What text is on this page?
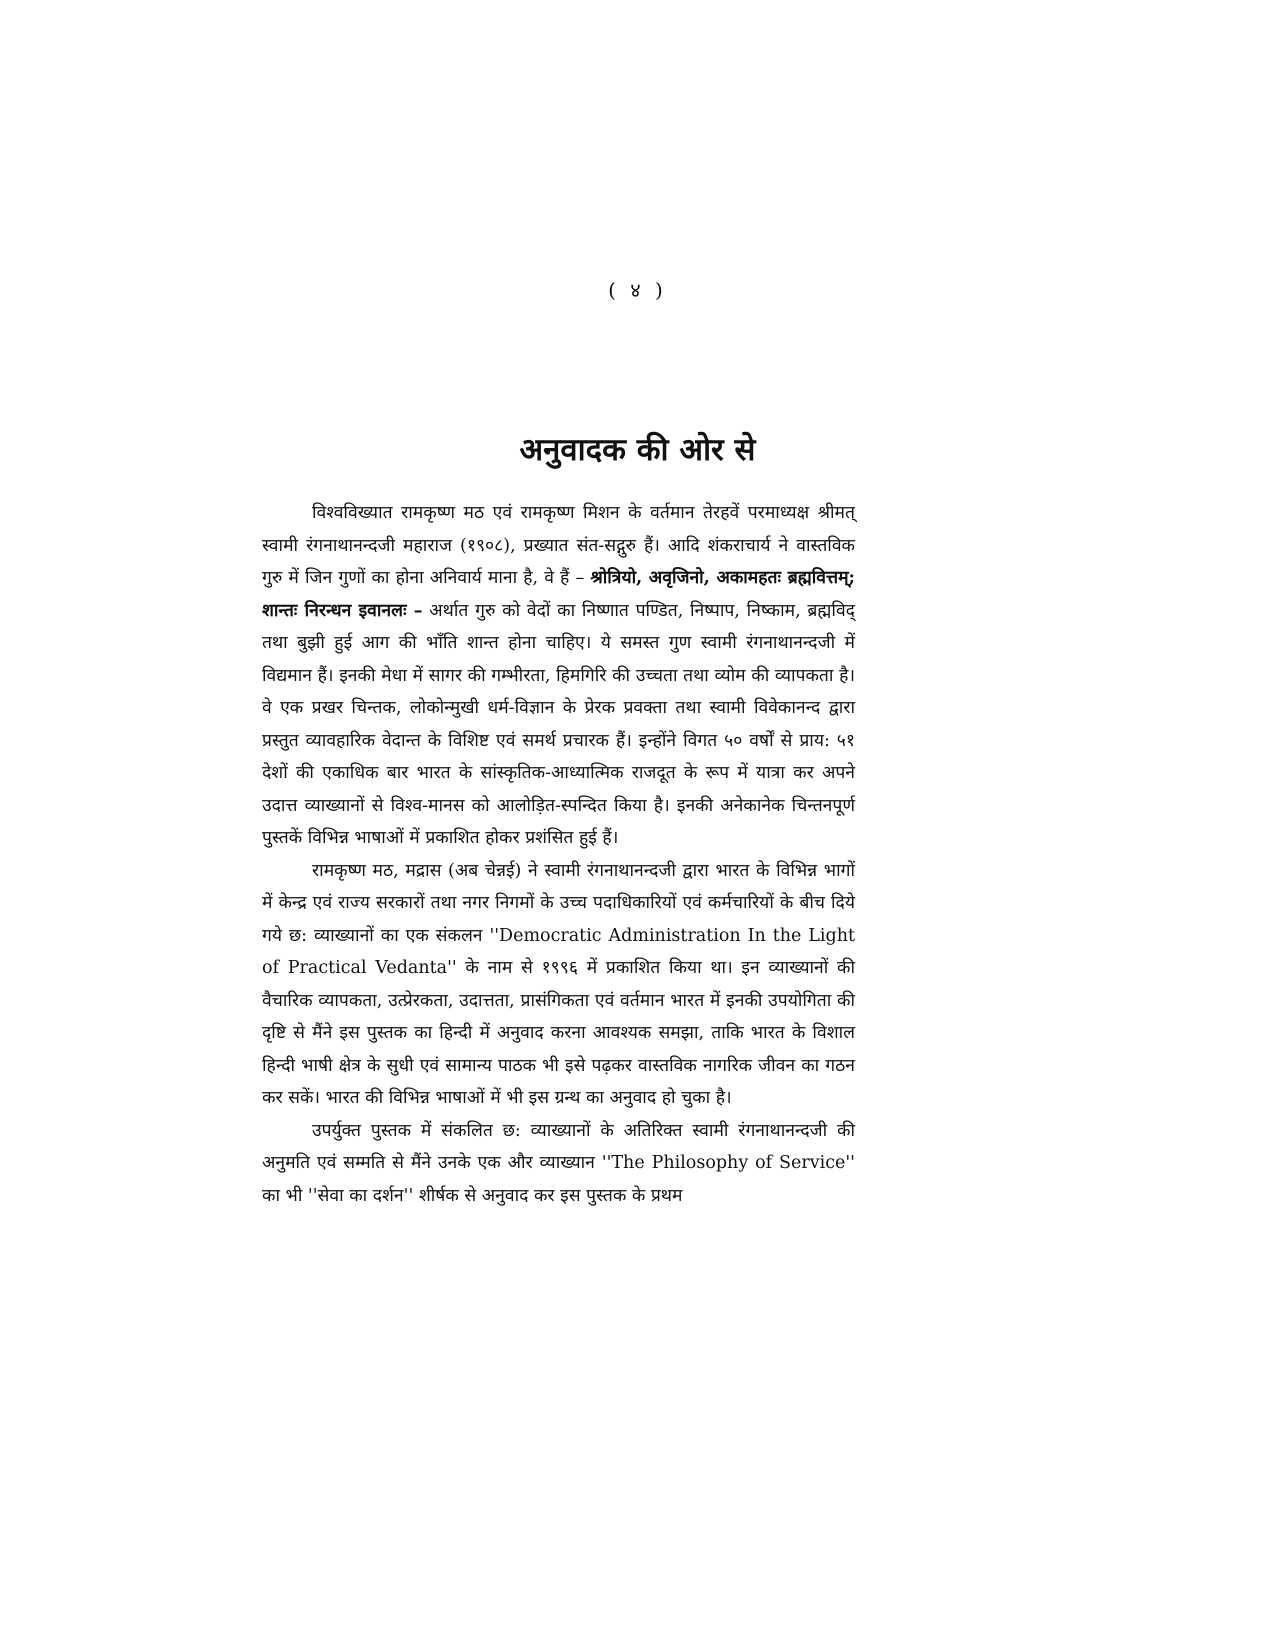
( ४ )
अनुवादक की ओर से

विश्वविख्यात रामकृष्ण मठ एवं रामकृष्ण मिशन के वर्तमान तेरहवें परमाध्यक्ष श्रीमत् स्वामी रंगनाथानन्दजी महाराज (१९०८), प्रख्यात संत-सद्गुरु हैं। आदि शंकराचार्य ने वास्तविक गुरु में जिन गुणों का होना अनिवार्य माना है, वे हैं – श्रोत्रियो, अवृजिनो, अकामहतः ब्रह्मवित्तम्; शान्तः निरन्धन इवानलः – अर्थात गुरु को वेदों का निष्णात पण्डित, निष्पाप, निष्काम, ब्रह्मविद् तथा बुझी हुई आग की भाँति शान्त होना चाहिए। ये समस्त गुण स्वामी रंगनाथानन्दजी में विद्यमान हैं। इनकी मेधा में सागर की गम्भीरता, हिमगिरि की उच्चता तथा व्योम की व्यापकता है। वे एक प्रखर चिन्तक, लोकोन्मुखी धर्म-विज्ञान के प्रेरक प्रवक्ता तथा स्वामी विवेकानन्द द्वारा प्रस्तुत व्यावहारिक वेदान्त के विशिष्ट एवं समर्थ प्रचारक हैं। इन्होंने विगत ५० वर्षों से प्राय: ५१ देशों की एकाधिक बार भारत के सांस्कृतिक-आध्यात्मिक राजदूत के रूप में यात्रा कर अपने उदात्त व्याख्यानों से विश्व-मानस को आलोड़ित-स्पन्दित किया है। इनकी अनेकानेक चिन्तनपूर्ण पुस्तकें विभिन्न भाषाओं में प्रकाशित होकर प्रशंसित हुई हैं।

रामकृष्ण मठ, मद्रास (अब चेन्नई) ने स्वामी रंगनाथानन्दजी द्वारा भारत के विभिन्न भागों में केन्द्र एवं राज्य सरकारों तथा नगर निगमों के उच्च पदाधिकारियों एवं कर्मचारियों के बीच दिये गये छ: व्याख्यानों का एक संकलन ''Democratic Administration In the Light of Practical Vedanta'' के नाम से १९९६ में प्रकाशित किया था। इन व्याख्यानों की वैचारिक व्यापकता, उत्प्रेरकता, उदात्तता, प्रासंगिकता एवं वर्तमान भारत में इनकी उपयोगिता की दृष्टि से मैंने इस पुस्तक का हिन्दी में अनुवाद करना आवश्यक समझा, ताकि भारत के विशाल हिन्दी भाषी क्षेत्र के सुधी एवं सामान्य पाठक भी इसे पढ़कर वास्तविक नागरिक जीवन का गठन कर सकें। भारत की विभिन्न भाषाओं में भी इस ग्रन्थ का अनुवाद हो चुका है।

उपर्युक्त पुस्तक में संकलित छ: व्याख्यानों के अतिरिक्त स्वामी रंगनाथानन्दजी की अनुमति एवं सम्मति से मैंने उनके एक और व्याख्यान ''The Philosophy of Service'' का भी ''सेवा का दर्शन'' शीर्षक से अनुवाद कर इस पुस्तक के प्रथम
